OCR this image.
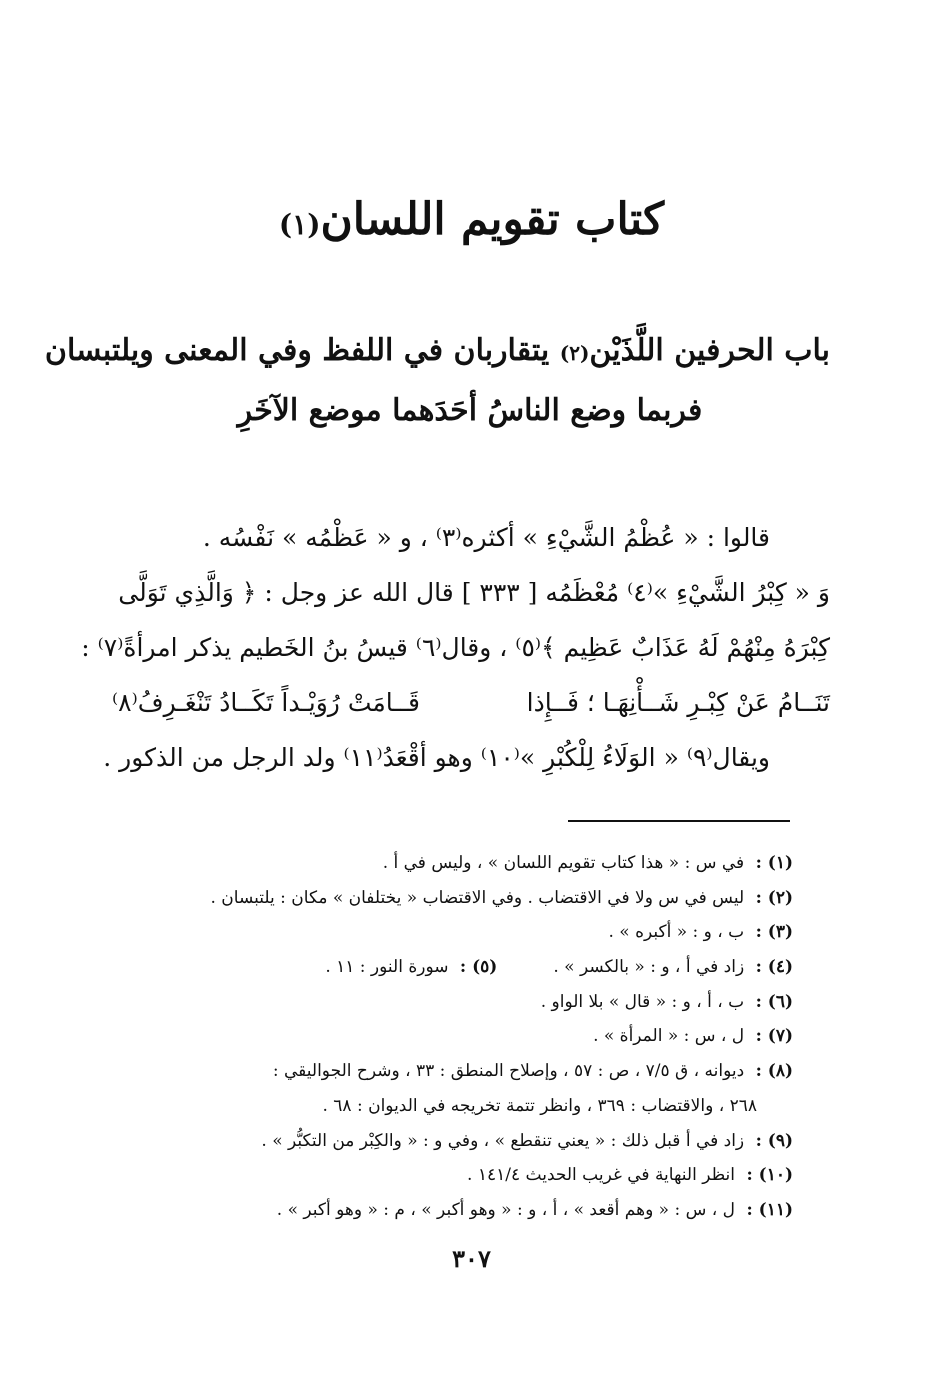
كتاب تقويم اللسان(١)
باب الحرفين اللَّذَيْن(٢) يتقاربان في اللفظ وفي المعنى ويلتبسان
فربما وضع الناسُ أحَدَهما موضع الآخَرِ
قالوا : « عُظْمُ الشَّيْءِ » أكثره⁽٣⁾ ، و « عَظْمُه » نَفْسُه .
وَ « كِبْرُ الشَّيْءِ »⁽٤⁾ مُعْظَمُه [ ٣٣٣ ] قال الله عز وجل : ﴿ وَالَّذِي تَوَلَّى
كِبْرَهُ مِنْهُمْ لَهُ عَذَابٌ عَظِيم ﴾⁽٥⁾ ، وقال⁽٦⁾ قيسُ بنُ الخَطيم يذكر امرأةً⁽٧⁾ :
تَنَــامُ عَنْ كِبْـرِ شَــأْنِهَـا ؛ فَــإِذا
قَــامَتْ رُوَيْـداً تَكَــادُ تَنْغَـرِفُ⁽٨⁾
ويقال⁽٩⁾ « الوَلَاءُ لِلْكُبْرِ »⁽١٠⁾ وهو أقْعَدُ⁽١١⁾ ولد الرجل من الذكور .
(١) : في س : « هذا كتاب تقويم اللسان » ، وليس في أ .
(٢) : ليس في س ولا في الاقتضاب . وفي الاقتضاب « يختلفان » مكان : يلتبسان .
(٣) : ب ، و : « أكبره » .
(٤) : زاد في أ ، و : « بالكسر » .
(٥) : سورة النور : ١١ .
(٦) : ب ، أ ، و : « قال » بلا الواو .
(٧) : ل ، س : « المرأة » .
(٨) : ديوانه ، ق ٧/٥ ، ص : ٥٧ ، وإصلاح المنطق : ٣٣ ، وشرح الجواليقي :
٢٦٨ ، والاقتضاب : ٣٦٩ ، وانظر تتمة تخريجه في الديوان : ٦٨ .
(٩) : زاد في أ قبل ذلك : « يعني تنقطع » ، وفي و : « والكِبْر من التكبُّر » .
(١٠) : انظر النهاية في غريب الحديث ١٤١/٤ .
(١١) : ل ، س : « وهم أقعد » ، أ ، و : « وهو أكبر » ، م : « وهو أكبر » .
٣٠٧
